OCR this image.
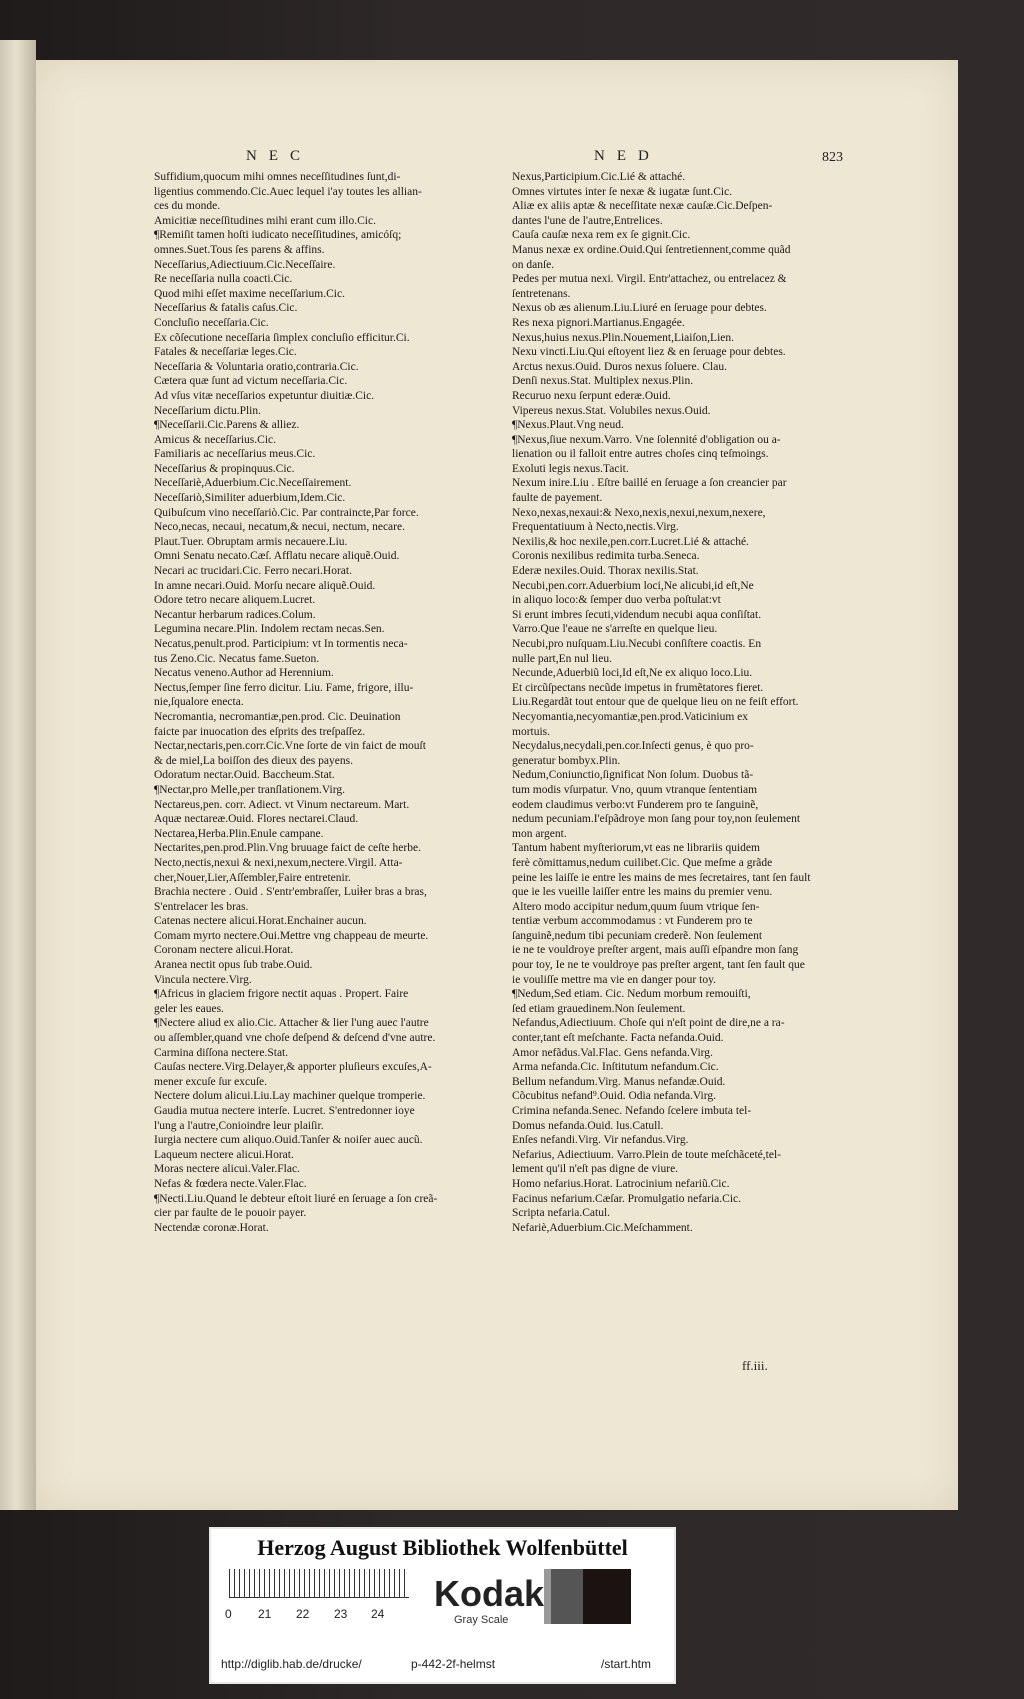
NEC	NED	823
Suffidium,quocum mihi omnes neceſſitudines ſunt,di-
ligentius commendo.Cic.Auec lequel i'ay toutes les allian-
ces du monde.
Amicitiæ neceſſitudines mihi erant cum illo.Cic.
¶Remiſit tamen hoſti iudicato neceſſitudines, amicóſq;
omnes.Suet.Tous ſes parens & affins.
Neceſſarius,Adiectiuum.Cic.Neceſſaire.
Re neceſſaria nulla coacti.Cic.
Quod mihi eſſet maxime neceſſarium.Cic.
Neceſſarius & fatalis caſus.Cic.
Concluſio neceſſaria.Cic.
Ex cõſecutione neceſſaria ſimplex concluſio efficitur.Ci.
Fatales & neceſſariæ leges.Cic.
Neceſſaria & Voluntaria oratio,contraria.Cic.
Cætera quæ ſunt ad victum neceſſaria.Cic.
Ad vſus vitæ neceſſarios expetuntur diuitiæ.Cic.
Neceſſarium dictu.Plin.
¶Neceſſarii.Cic.Parens & alliez.
Amicus & neceſſarius.Cic.
Familiaris ac neceſſarius meus.Cic.
Neceſſarius & propinquus.Cic.
Neceſſariè,Aduerbium.Cic.Neceſſairement.
Neceſſariò,Similiter aduerbium,Idem.Cic.
Quibuſcum vino neceſſariò.Cic. Par contraincte,Par force.
Neco,necas, necaui, necatum,& necui, nectum, necare.
Plaut.Tuer. Obruptam armis necauere.Liu.
Omni Senatu necato.Cæſ. Afflatu necare aliquẽ.Ouid.
Necari ac trucidari.Cic. Ferro necari.Horat.
In amne necari.Ouid. Morſu necare aliquẽ.Ouid.
Odore tetro necare aliquem.Lucret.
Necantur herbarum radices.Colum.
Legumina necare.Plin. Indolem rectam necas.Sen.
Necatus,penult.prod. Participium: vt In tormentis neca-
tus Zeno.Cic. Necatus fame.Sueton.
Necatus veneno.Author ad Herennium.
Nectus,ſemper ſine ferro dicitur. Liu. Fame, frigore, illu-
nie,ſqualore enecta.
Necromantia, necromantiæ,pen.prod. Cic. Deuination
faicte par inuocation des eſprits des treſpaſſez.
Nectar,nectaris,pen.corr.Cic.Vne ſorte de vin faict de mouſt
& de miel,La boiſſon des dieux des payens.
Odoratum nectar.Ouid. Baccheum.Stat.
¶Nectar,pro Melle,per tranſlationem.Virg.
Nectareus,pen. corr. Adiect. vt Vinum nectareum. Mart.
Aquæ nectareæ.Ouid. Flores nectarei.Claud.
Nectarea,Herba.Plin.Enule campane.
Nectarites,pen.prod.Plin.Vng bruuage faict de ceſte herbe.
Necto,nectis,nexui & nexi,nexum,nectere.Virgil. Atta-
cher,Nouer,Lier,Aſſembler,Faire entretenir.
Brachia nectere . Ouid . S'entr'embraſſer, Lui̇ɫer bras a bras,
S'entrelacer les bras.
Catenas nectere alicui.Horat.Enchainer aucun.
Comam myrto nectere.Oui.Mettre vng chappeau de meurte.
Coronam nectere alicui.Horat.
Aranea nectit opus ſub trabe.Ouid.
Vincula nectere.Virg.
¶Africus in glaciem frigore nectit aquas . Propert. Faire
geler les eaues.
¶Nectere aliud ex alio.Cic. Attacher & lier l'ung auec l'autre
ou aſſembler,quand vne choſe deſpend & deſcend d'vne autre.
Carmina diſſona nectere.Stat.
Cauſas nectere.Virg.Delayer,& apporter pluſieurs excuſes,A-
mener excuſe ſur excuſe.
Nectere dolum alicui.Liu.Lay machiner quelque tromperie.
Gaudia mutua nectere interſe. Lucret. S'entredonner ioye
l'ung a l'autre,Conioindre leur plaiſir.
Iurgia nectere cum aliquo.Ouid.Tanſer & noiſer auec aucũ.
Laqueum nectere alicui.Horat.
Moras nectere alicui.Valer.Flac.
Nefas & fœdera necte.Valer.Flac.
¶Necti.Liu.Quand le debteur eſtoit liuré en ſeruage a ſon creã-
cier par faulte de le pouoir payer.
Nectendæ coronæ.Horat.
Nexus,Participium.Cic.Lié & attaché.
Omnes virtutes inter ſe nexæ & iugatæ ſunt.Cic.
Aliæ ex aliis aptæ & neceſſitate nexæ cauſæ.Cic.Deſpen-
dantes l'une de l'autre,Entrelices.
Cauſa cauſæ nexa rem ex ſe gignit.Cic.
Manus nexæ ex ordine.Ouid.Qui ſentretiennent,comme quãd
on danſe.
Pedes per mutua nexi. Virgil. Entr'attachez, ou entrelacez &
ſentretenans.
Nexus ob æs alienum.Liu.Liuré en ſeruage pour debtes.
Res nexa pignori.Martianus.Engagée.
Nexus,huius nexus.Plin.Nouement,Liaiſon,Lien.
Nexu vincti.Liu.Qui eſtoyent liez & en ſeruage pour debtes.
Arctus nexus.Ouid. Duros nexus ſoluere. Clau.
Denſi nexus.Stat. Multiplex nexus.Plin.
Recuruo nexu ſerpunt ederæ.Ouid.
Vipereus nexus.Stat. Volubiles nexus.Ouid.
¶Nexus.Plaut.Vng neud.
¶Nexus,ſiue nexum.Varro. Vne ſolennité d'obligation ou a-
lienation ou il falloit entre autres choſes cinq teſmoings.
Exoluti legis nexus.Tacit.
Nexum inire.Liu . Eſtre baillé en ſeruage a ſon creancier par
faulte de payement.
Nexo,nexas,nexaui:& Nexo,nexis,nexui,nexum,nexere,
Frequentatiuum à Necto,nectis.Virg.
Nexilis,& hoc nexile,pen.corr.Lucret.Lié & attaché.
Coronis nexilibus redimita turba.Seneca.
Ederæ nexiles.Ouid. Thorax nexilis.Stat.
Necubi,pen.corr.Aduerbium loci,Ne alicubi,id eſt,Ne
in aliquo loco:& ſemper duo verba poſtulat:vt
Si erunt imbres ſecuti,videndum necubi aqua conſiſtat.
Varro.Que l'eaue ne s'arreſte en quelque lieu.
Necubi,pro nuſquam.Liu.Necubi conſiſtere coactis. En
nulle part,En nul lieu.
Necunde,Aduerbiũ loci,Id eſt,Ne ex aliquo loco.Liu.
Et circũſpectans necũde impetus in frumẽtatores fieret.
Liu.Regardãt tout entour que de quelque lieu on ne feiſt effort.
Necyomantia,necyomantiæ,pen.prod.Vaticinium ex
mortuis.
Necydalus,necydali,pen.cor.Inſecti genus, è quo pro-
generatur bombyx.Plin.
Nedum,Coniunctio,ſignificat Non ſolum. Duobus tã-
tum modis vſurpatur. Vno, quum vtranque ſententiam
eodem claudimus verbo:vt Funderem pro te ſanguinẽ,
nedum pecuniam.I'eſpãdroye mon ſang pour toy,non ſeulement
mon argent.
Tantum habent myſteriorum,vt eas ne librariis quidem
ferè cõmittamus,nedum cuilibet.Cic. Que meſme a grãde
peine les laiſſe ie entre les mains de mes ſecretaires, tant ſen fault
que ie les vueille laiſſer entre les mains du premier venu.
Altero modo accipitur nedum,quum ſuum vtrique ſen-
tentiæ verbum accommodamus : vt Funderem pro te
ſanguinẽ,nedum tibi pecuniam crederẽ. Non ſeulement
ie ne te vouldroye preſter argent, mais auſſi eſpandre mon ſang
pour toy, Ie ne te vouldroye pas preſter argent, tant ſen fault que
ie vouliſſe mettre ma vie en danger pour toy.
¶Nedum,Sed etiam. Cic. Nedum morbum remouiſti,
ſed etiam grauedinem.Non ſeulement.
Nefandus,Adiectiuum. Choſe qui n'eſt point de dire,ne a ra-
conter,tant eſt meſchante. Facta nefanda.Ouid.
Amor nefãdus.Val.Flac. Gens nefanda.Virg.
Arma nefanda.Cic. Inſtitutum nefandum.Cic.
Bellum nefandum.Virg. Manus nefandæ.Ouid.
Cõcubitus nefand⁹.Ouid. Odia nefanda.Virg.
Crimina nefanda.Senec. Nefando ſcelere imbuta tel-
Domus nefanda.Ouid. lus.Catull.
Enſes nefandi.Virg. Vir nefandus.Virg.
Nefarius, Adiectiuum. Varro.Plein de toute meſchãceté,tel-
lement qu'il n'eſt pas digne de viure.
Homo nefarius.Horat. Latrocinium nefariũ.Cic.
Facinus nefarium.Cæſar. Promulgatio nefaria.Cic.
Scripta nefaria.Catul.
Nefariè,Aduerbium.Cic.Meſchamment.
ff.iii.
Herzog August Bibliothek Wolfenbüttel
0 21 22 23 24 Kodak
Gray Scale
http://diglib.hab.de/drucke/	p-442-2f-helmst	/start.htm
